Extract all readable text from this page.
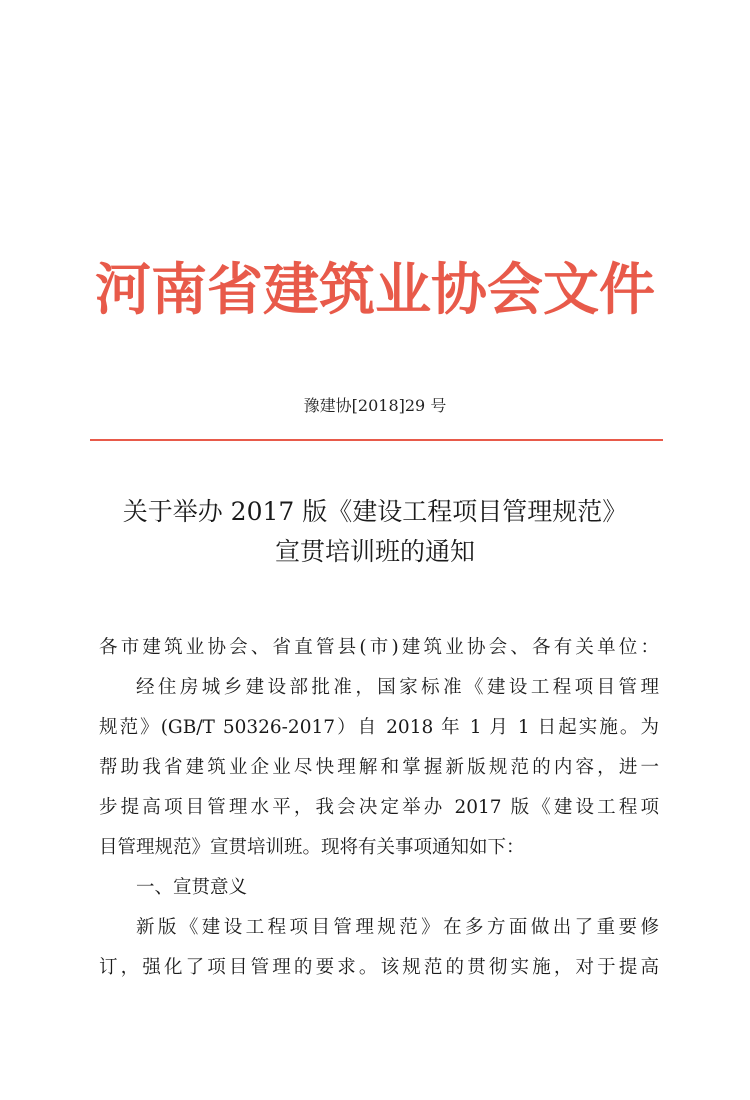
河南省建筑业协会文件
豫建协[2018]29 号
关于举办 2017 版《建设工程项目管理规范》
宣贯培训班的通知

各市建筑业协会、省直管县(市)建筑业协会、各有关单位：

经住房城乡建设部批准，国家标准《建设工程项目管理

规范》(GB/T 50326-2017）自 2018 年 1 月 1 日起实施。为

帮助我省建筑业企业尽快理解和掌握新版规范的内容，进一

步提高项目管理水平，我会决定举办 2017 版《建设工程项

目管理规范》宣贯培训班。现将有关事项通知如下：

一、宣贯意义

新版《建设工程项目管理规范》在多方面做出了重要修

订，强化了项目管理的要求。该规范的贯彻实施，对于提高
